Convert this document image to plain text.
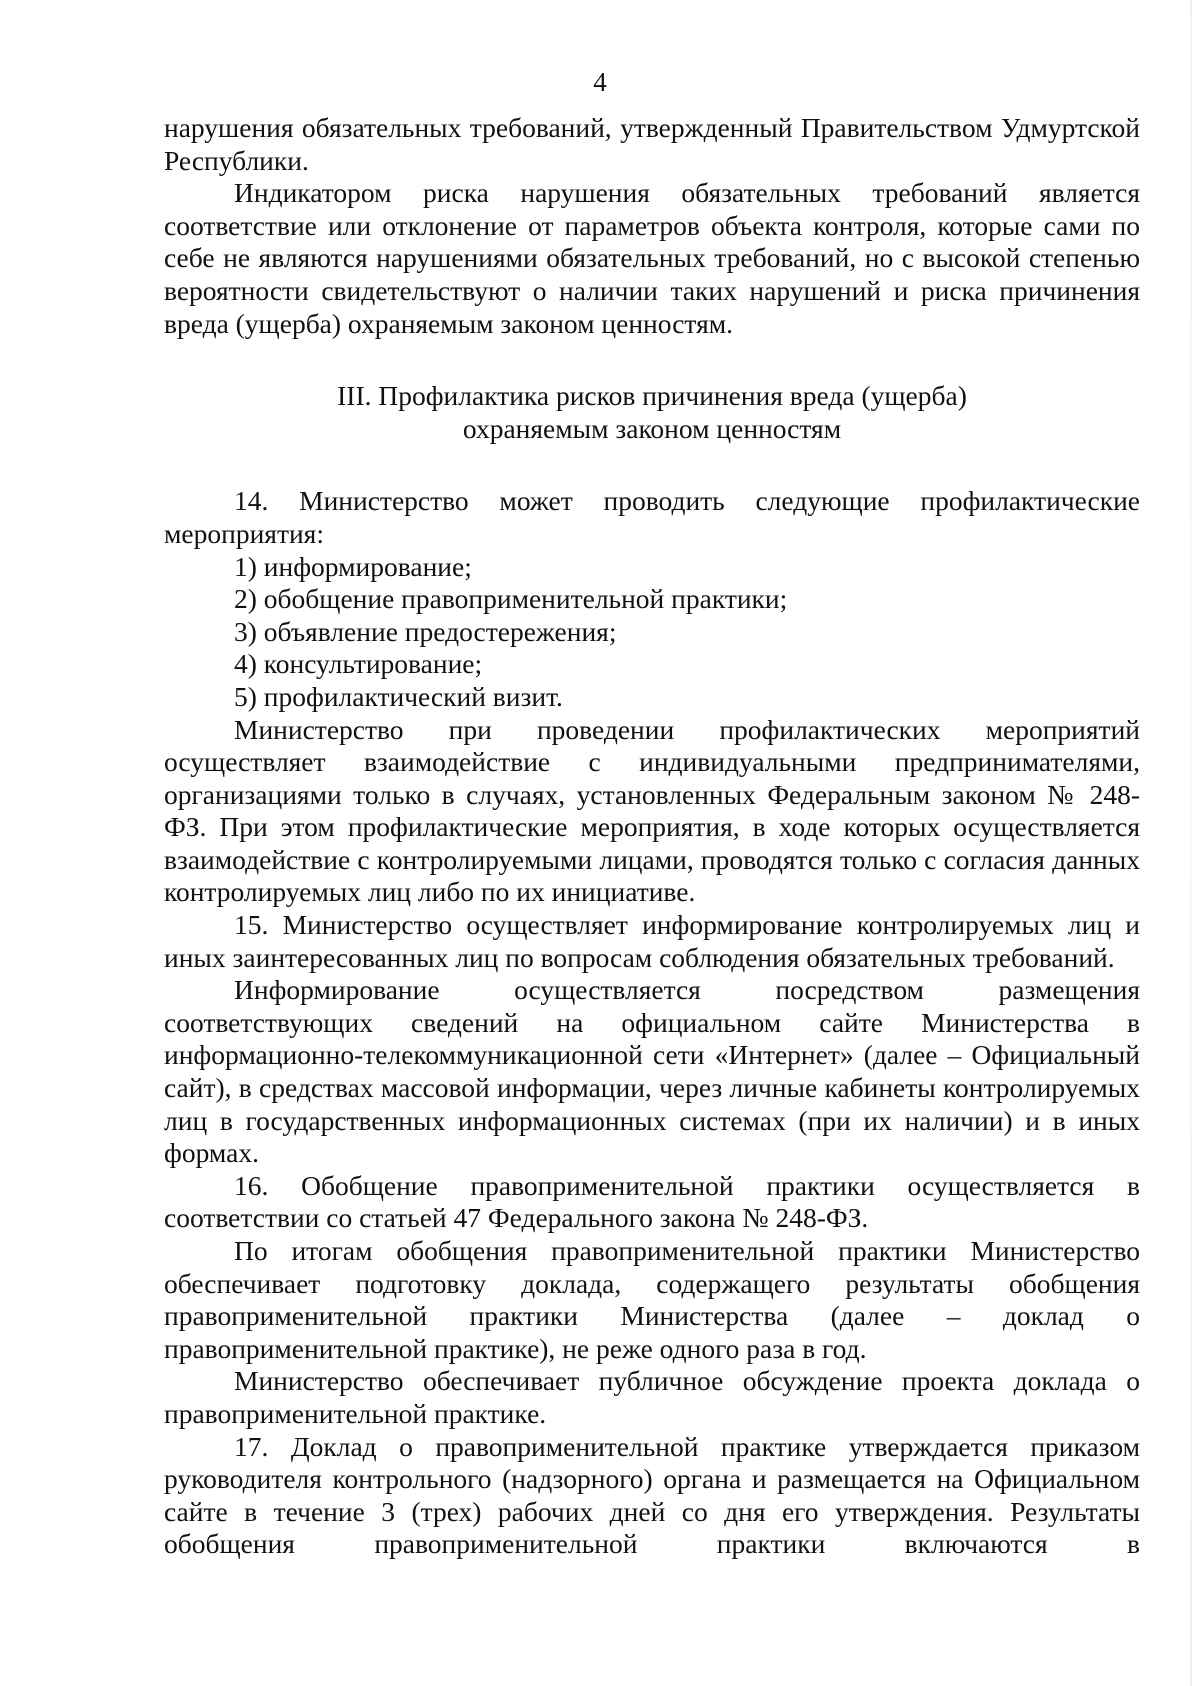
4

нарушения обязательных требований, утвержденный Правительством Удмуртской Республики.

Индикатором риска нарушения обязательных требований является соответствие или отклонение от параметров объекта контроля, которые сами по себе не являются нарушениями обязательных требований, но с высокой степенью вероятности свидетельствуют о наличии таких нарушений и риска причинения вреда (ущерба) охраняемым законом ценностям.

III. Профилактика рисков причинения вреда (ущерба)
охраняемым законом ценностям

14. Министерство может проводить следующие профилактические мероприятия:

1) информирование;

2) обобщение правоприменительной практики;

3) объявление предостережения;

4) консультирование;

5) профилактический визит.

Министерство при проведении профилактических мероприятий осуществляет взаимодействие с индивидуальными предпринимателями, организациями только в случаях, установленных Федеральным законом № 248-ФЗ. При этом профилактические мероприятия, в ходе которых осуществляется взаимодействие с контролируемыми лицами, проводятся только с согласия данных контролируемых лиц либо по их инициативе.

15. Министерство осуществляет информирование контролируемых лиц и иных заинтересованных лиц по вопросам соблюдения обязательных требований.

Информирование осуществляется посредством размещения соответствующих сведений на официальном сайте Министерства в информационно-телекоммуникационной сети «Интернет» (далее – Официальный сайт), в средствах массовой информации, через личные кабинеты контролируемых лиц в государственных информационных системах (при их наличии) и в иных формах.

16. Обобщение правоприменительной практики осуществляется в соответствии со статьей 47 Федерального закона № 248-ФЗ.

По итогам обобщения правоприменительной практики Министерство обеспечивает подготовку доклада, содержащего результаты обобщения правоприменительной практики Министерства (далее – доклад о правоприменительной практике), не реже одного раза в год.

Министерство обеспечивает публичное обсуждение проекта доклада о правоприменительной практике.

17. Доклад о правоприменительной практике утверждается приказом руководителя контрольного (надзорного) органа и размещается на Официальном сайте в течение 3 (трех) рабочих дней со дня его утверждения. Результаты обобщения правоприменительной практики включаются в
